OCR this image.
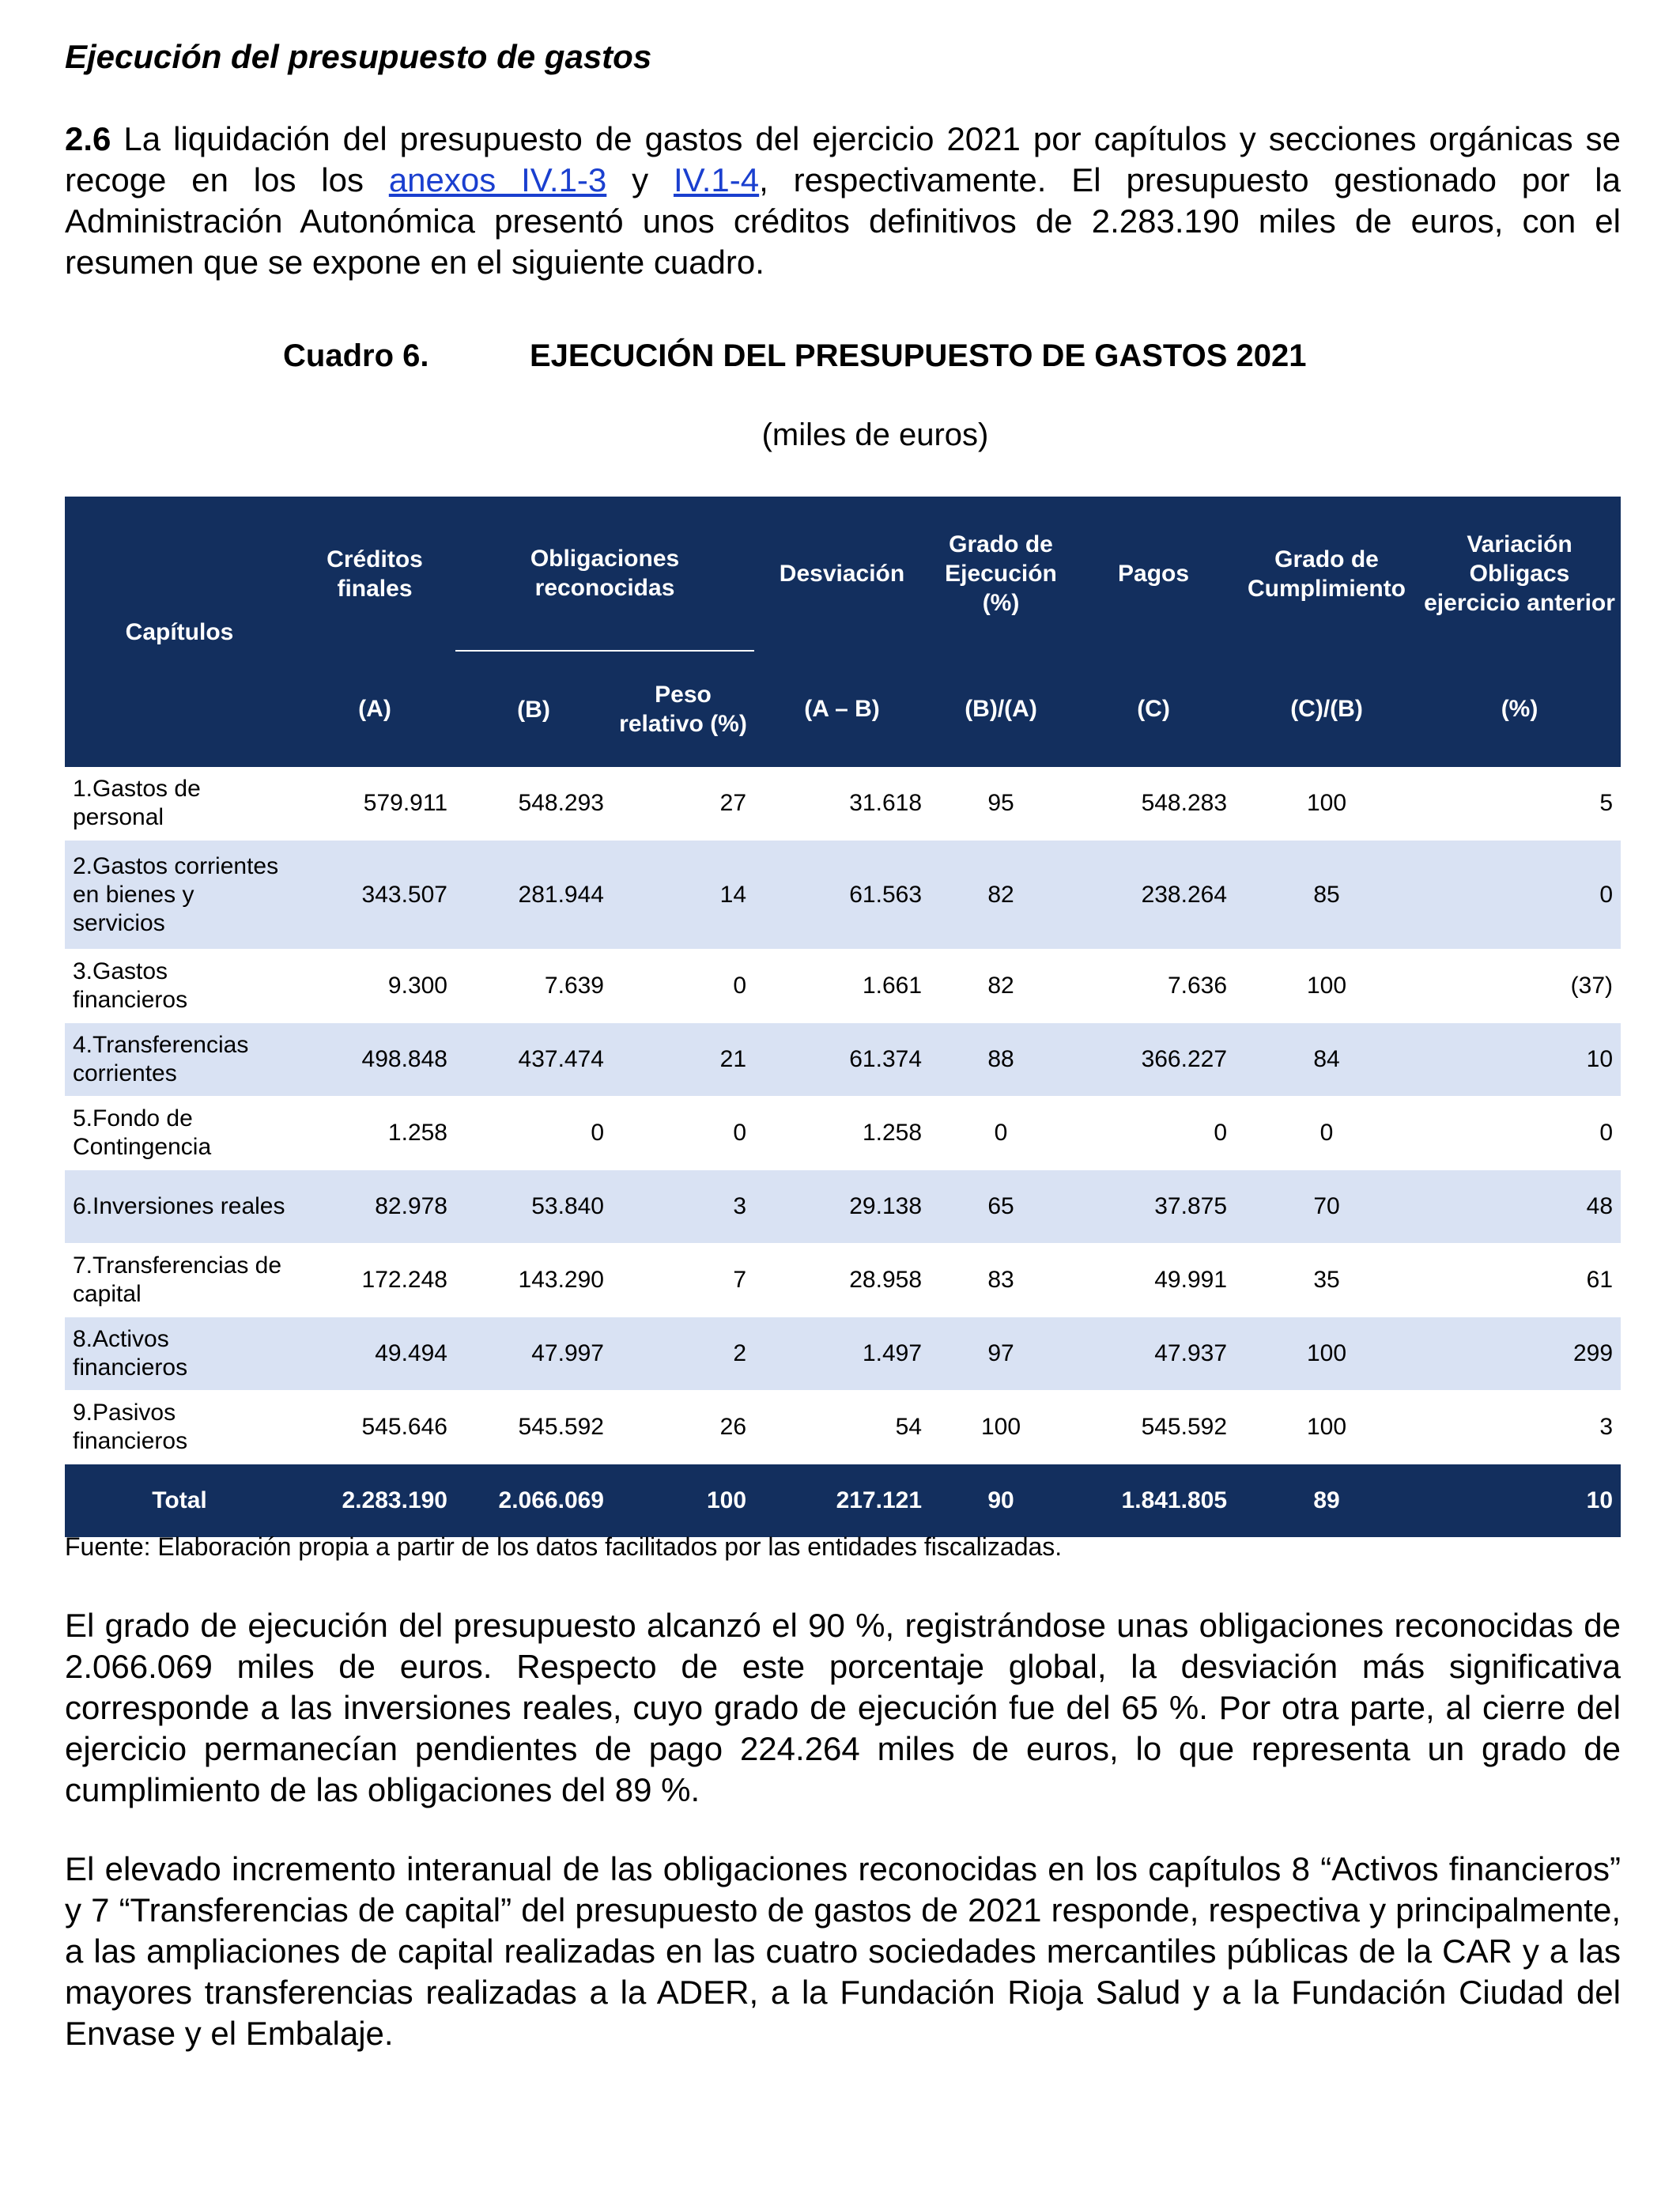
Ejecución del presupuesto de gastos

2.6 La liquidación del presupuesto de gastos del ejercicio 2021 por capítulos y secciones orgánicas se recoge en los los anexos IV.1-3 y IV.1-4, respectivamente. El presupuesto gestionado por la Administración Autonómica presentó unos créditos definitivos de 2.283.190 miles de euros, con el resumen que se expone en el siguiente cuadro.

Cuadro 6.	EJECUCIÓN DEL PRESUPUESTO DE GASTOS 2021
(miles de euros)
Capítulos	Créditos finales	Obligaciones reconocidas		Desviación	Grado de Ejecución (%)	Pagos	Grado de Cumplimiento	Variación Obligacs ejercicio anterior
	(A)	(B)	Peso relativo (%)	(A – B)	(B)/(A)	(C)	(C)/(B)	(%)
1.Gastos de personal	579.911	548.293	27	31.618	95	548.283	100	5
2.Gastos corrientes en bienes y servicios	343.507	281.944	14	61.563	82	238.264	85	0
3.Gastos financieros	9.300	7.639	0	1.661	82	7.636	100	(37)
4.Transferencias corrientes	498.848	437.474	21	61.374	88	366.227	84	10
5.Fondo de Contingencia	1.258	0	0	1.258	0	0	0	0
6.Inversiones reales	82.978	53.840	3	29.138	65	37.875	70	48
7.Transferencias de capital	172.248	143.290	7	28.958	83	49.991	35	61
8.Activos financieros	49.494	47.997	2	1.497	97	47.937	100	299
9.Pasivos financieros	545.646	545.592	26	54	100	545.592	100	3
Total	2.283.190	2.066.069	100	217.121	90	1.841.805	89	10
Fuente: Elaboración propia a partir de los datos facilitados por las entidades fiscalizadas.

El grado de ejecución del presupuesto alcanzó el 90 %, registrándose unas obligaciones reconocidas de 2.066.069 miles de euros. Respecto de este porcentaje global, la desviación más significativa corresponde a las inversiones reales, cuyo grado de ejecución fue del 65 %. Por otra parte, al cierre del ejercicio permanecían pendientes de pago 224.264 miles de euros, lo que representa un grado de cumplimiento de las obligaciones del 89 %.

El elevado incremento interanual de las obligaciones reconocidas en los capítulos 8 “Activos financieros” y 7 “Transferencias de capital” del presupuesto de gastos de 2021 responde, respectiva y principalmente, a las ampliaciones de capital realizadas en las cuatro sociedades mercantiles públicas de la CAR y a las mayores transferencias realizadas a la ADER, a la Fundación Rioja Salud y a la Fundación Ciudad del Envase y el Embalaje.
